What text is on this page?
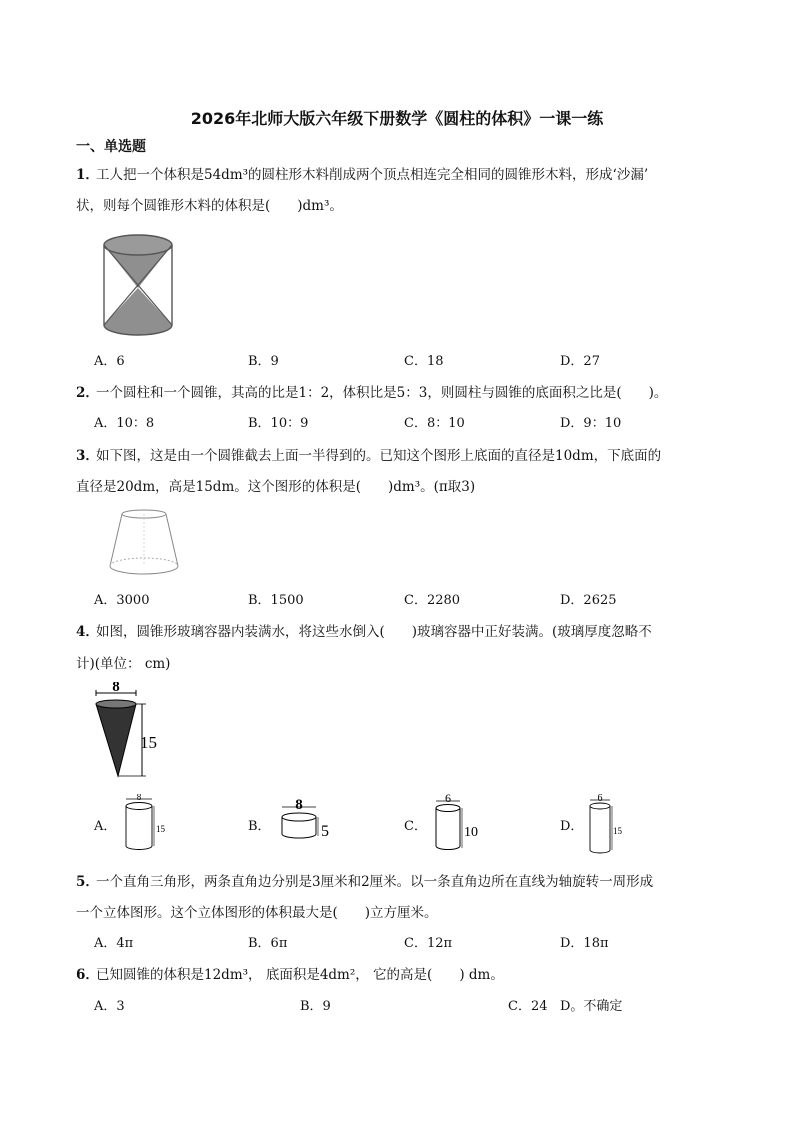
2026年北师大版六年级下册数学《圆柱的体积》一课一练
一、单选题
1．
工人把一个体积是54dm³的圆柱形木料削成两个顶点相连完全相同的圆锥形木料，形成‘沙漏’
状，则每个圆锥形木料的体积是(　　)dm³。
A．6	B．9	C．18	D．27
2．
一个圆柱和一个圆锥，其高的比是1：2，体积比是5：3，则圆柱与圆锥的底面积之比是(　　)。
A．10：8	B．10：9	C．8：10	D．9：10
3．
如下图，这是由一个圆锥截去上面一半得到的。已知这个图形上底面的直径是10dm，下底面的
直径是20dm，高是15dm。这个图形的体积是(　　)dm³。(π取3)
A．3000	B．1500	C．2280	D．2625
4．
如图，圆锥形玻璃容器内装满水，将这些水倒入(　　)玻璃容器中正好装满。(玻璃厚度忽略不
计)(单位： cm)
8
15
A．
8
15	B．
8
5	C．
6
10	D．
6
15
5．
一个直角三角形，两条直角边分别是3厘米和2厘米。以一条直角边所在直线为轴旋转一周形成
一个立体图形。这个立体图形的体积最大是(　　)立方厘米。
A．4π	B．6π	C．12π	D．18π
6．
已知圆锥的体积是12dm³， 底面积是4dm²， 它的高是(　　) dm。
A．3	B．9	C．24 D。不确定
